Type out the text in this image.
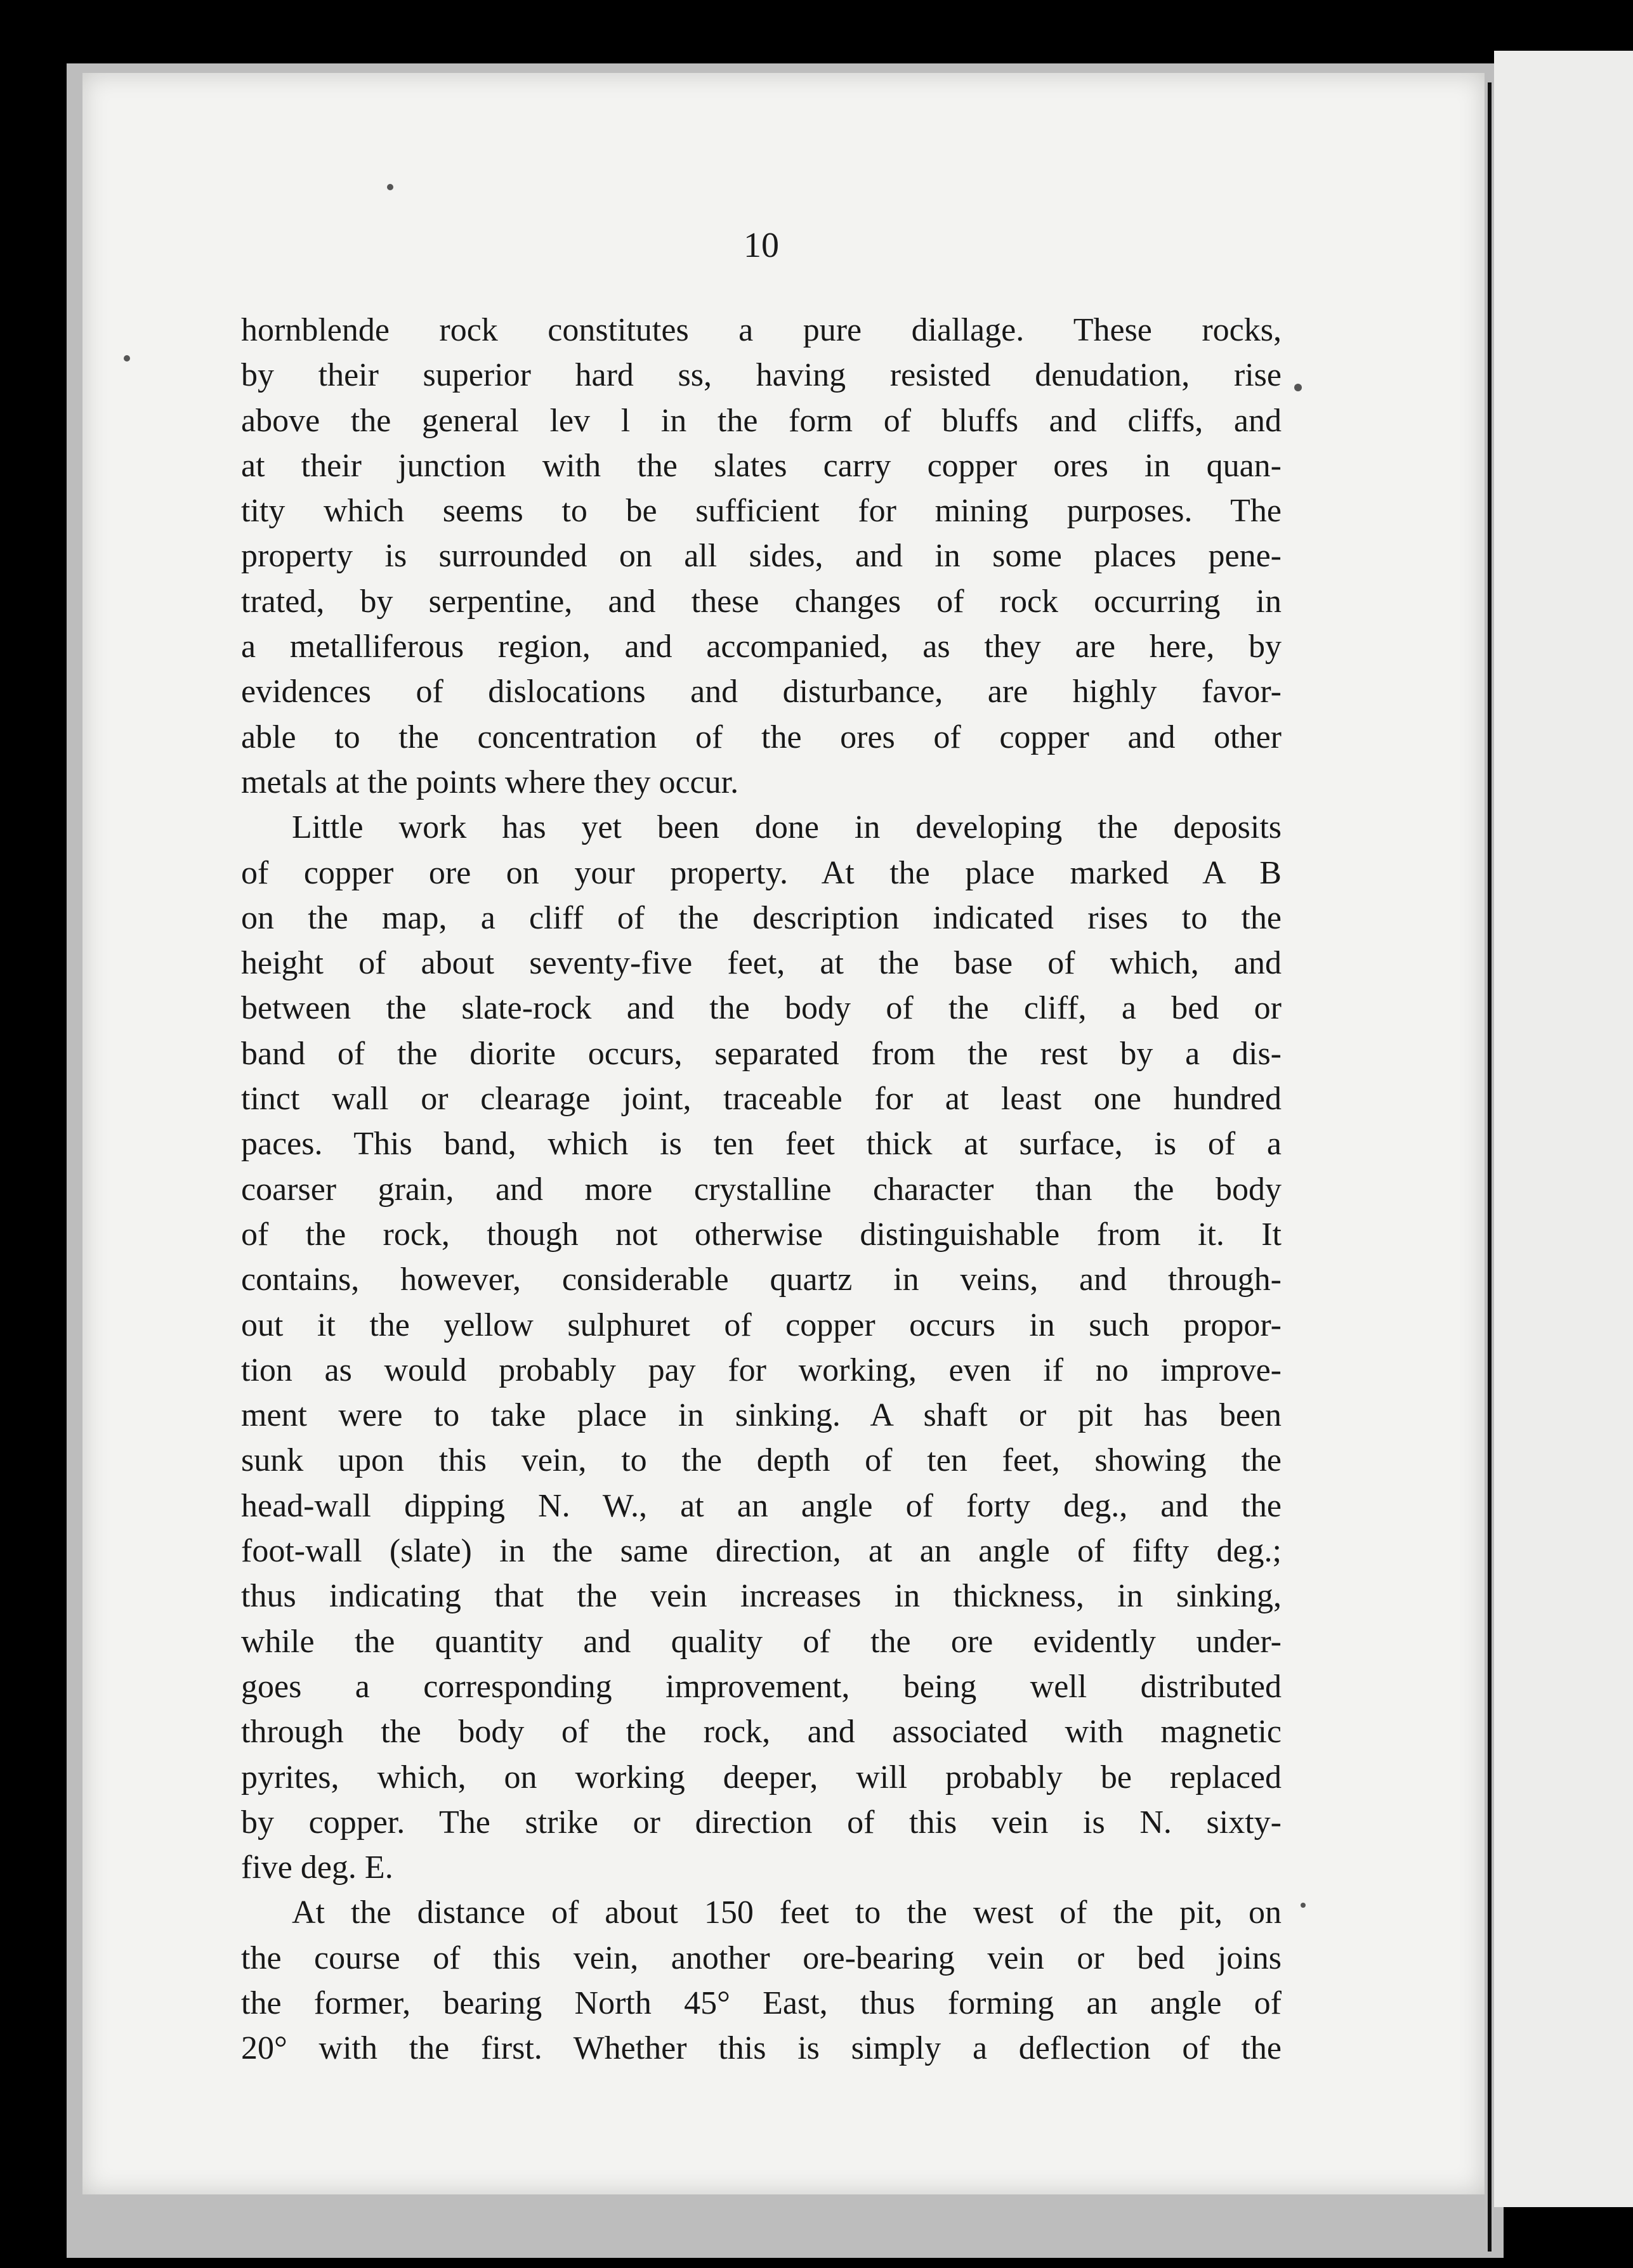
10
hornblende rock constitutes a pure diallage. These rocks,
by their superior hard ss, having resisted denudation, rise
above the general lev l in the form of bluffs and cliffs, and
at their junction with the slates carry copper ores in quan-
tity which seems to be sufficient for mining purposes. The
property is surrounded on all sides, and in some places pene-
trated, by serpentine, and these changes of rock occurring in
a metalliferous region, and accompanied, as they are here, by
evidences of dislocations and disturbance, are highly favor-
able to the concentration of the ores of copper and other
metals at the points where they occur.
Little work has yet been done in developing the deposits
of copper ore on your property. At the place marked A B
on the map, a cliff of the description indicated rises to the
height of about seventy-five feet, at the base of which, and
between the slate-rock and the body of the cliff, a bed or
band of the diorite occurs, separated from the rest by a dis-
tinct wall or clearage joint, traceable for at least one hundred
paces. This band, which is ten feet thick at surface, is of a
coarser grain, and more crystalline character than the body
of the rock, though not otherwise distinguishable from it. It
contains, however, considerable quartz in veins, and through-
out it the yellow sulphuret of copper occurs in such propor-
tion as would probably pay for working, even if no improve-
ment were to take place in sinking. A shaft or pit has been
sunk upon this vein, to the depth of ten feet, showing the
head-wall dipping N. W., at an angle of forty deg., and the
foot-wall (slate) in the same direction, at an angle of fifty deg.;
thus indicating that the vein increases in thickness, in sinking,
while the quantity and quality of the ore evidently under-
goes a corresponding improvement, being well distributed
through the body of the rock, and associated with magnetic
pyrites, which, on working deeper, will probably be replaced
by copper. The strike or direction of this vein is N. sixty-
five deg. E.
At the distance of about 150 feet to the west of the pit, on
the course of this vein, another ore-bearing vein or bed joins
the former, bearing North 45° East, thus forming an angle of
20° with the first. Whether this is simply a deflection of the
